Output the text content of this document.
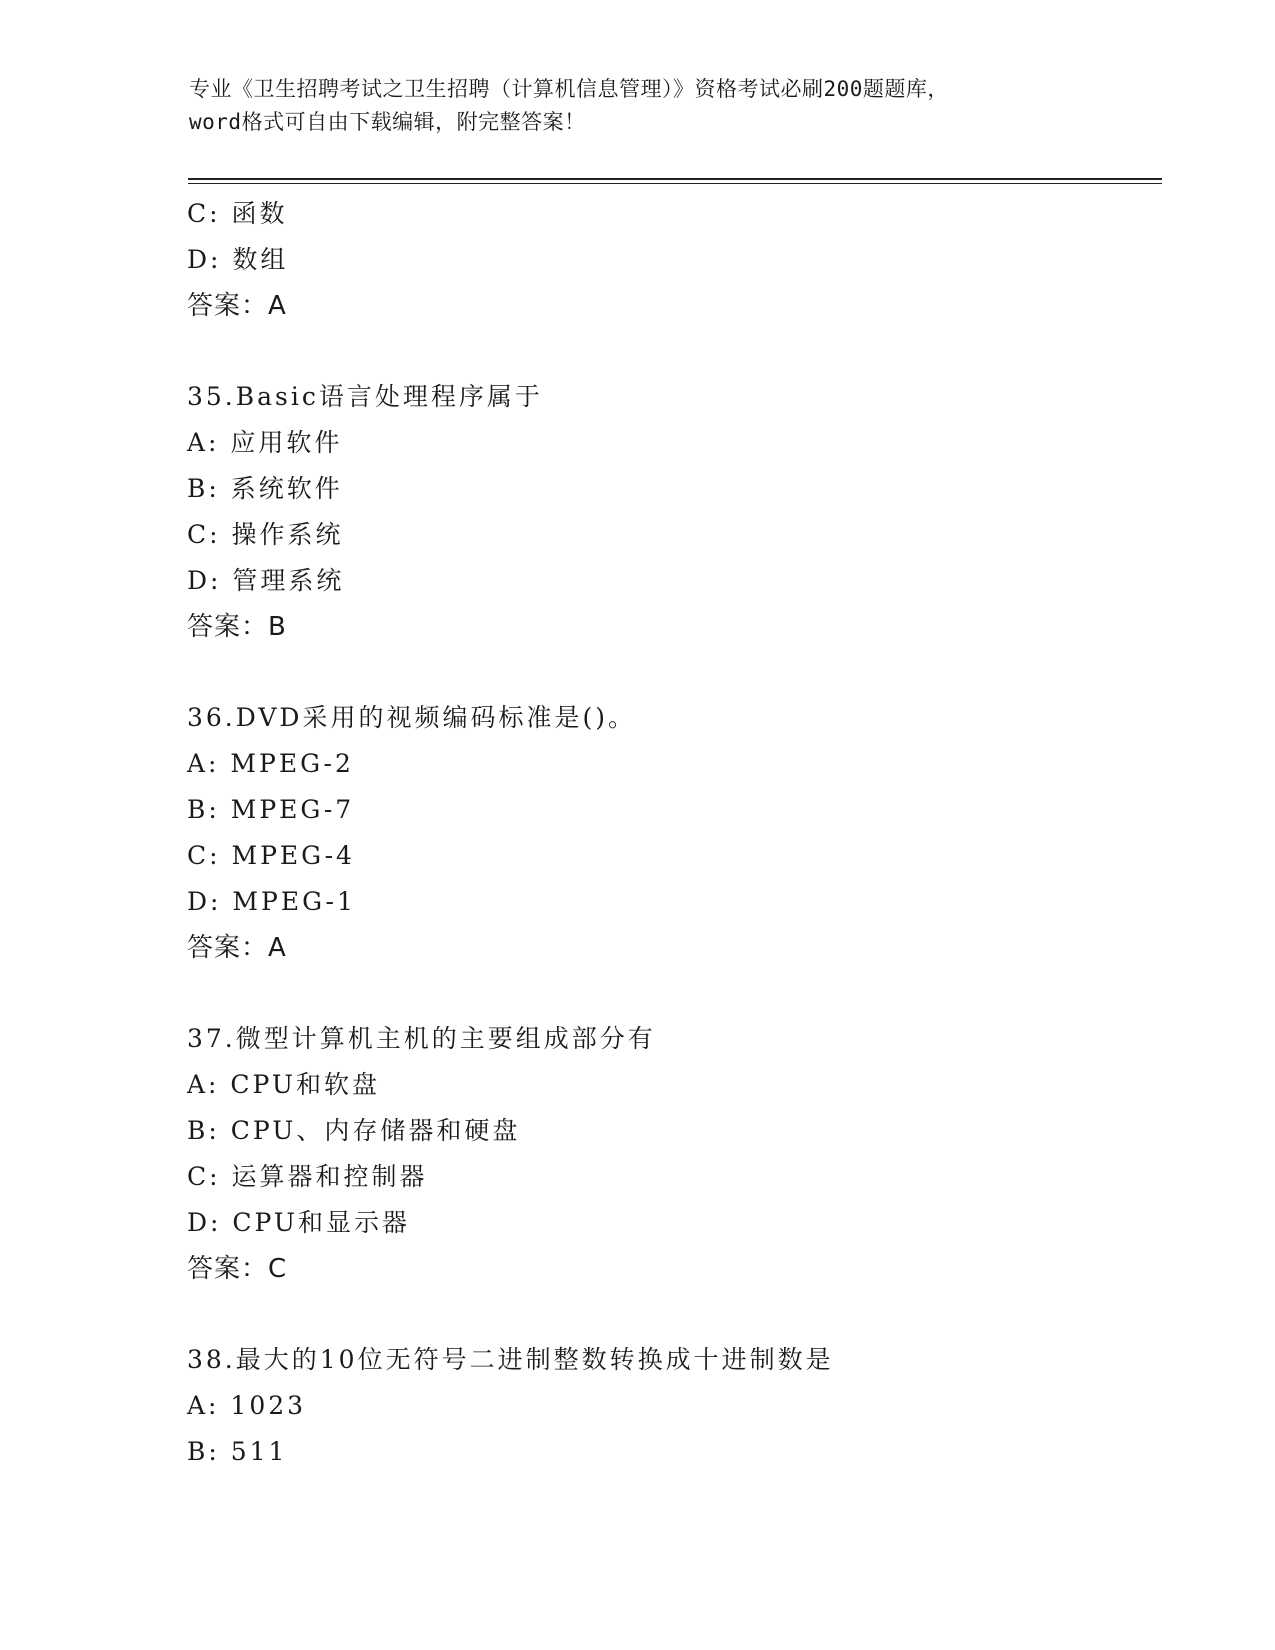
专业《卫生招聘考试之卫生招聘（计算机信息管理）》资格考试必刷200题题库，
word格式可自由下载编辑，附完整答案！
C: 函数
D: 数组
答案：A
35.Basic语言处理程序属于
A: 应用软件
B: 系统软件
C: 操作系统
D: 管理系统
答案：B
36.DVD采用的视频编码标准是()。
A: MPEG-2
B: MPEG-7
C: MPEG-4
D: MPEG-1
答案：A
37.微型计算机主机的主要组成部分有
A: CPU和软盘
B: CPU、内存储器和硬盘
C: 运算器和控制器
D: CPU和显示器
答案：C
38.最大的10位无符号二进制整数转换成十进制数是
A: 1023
B: 511
